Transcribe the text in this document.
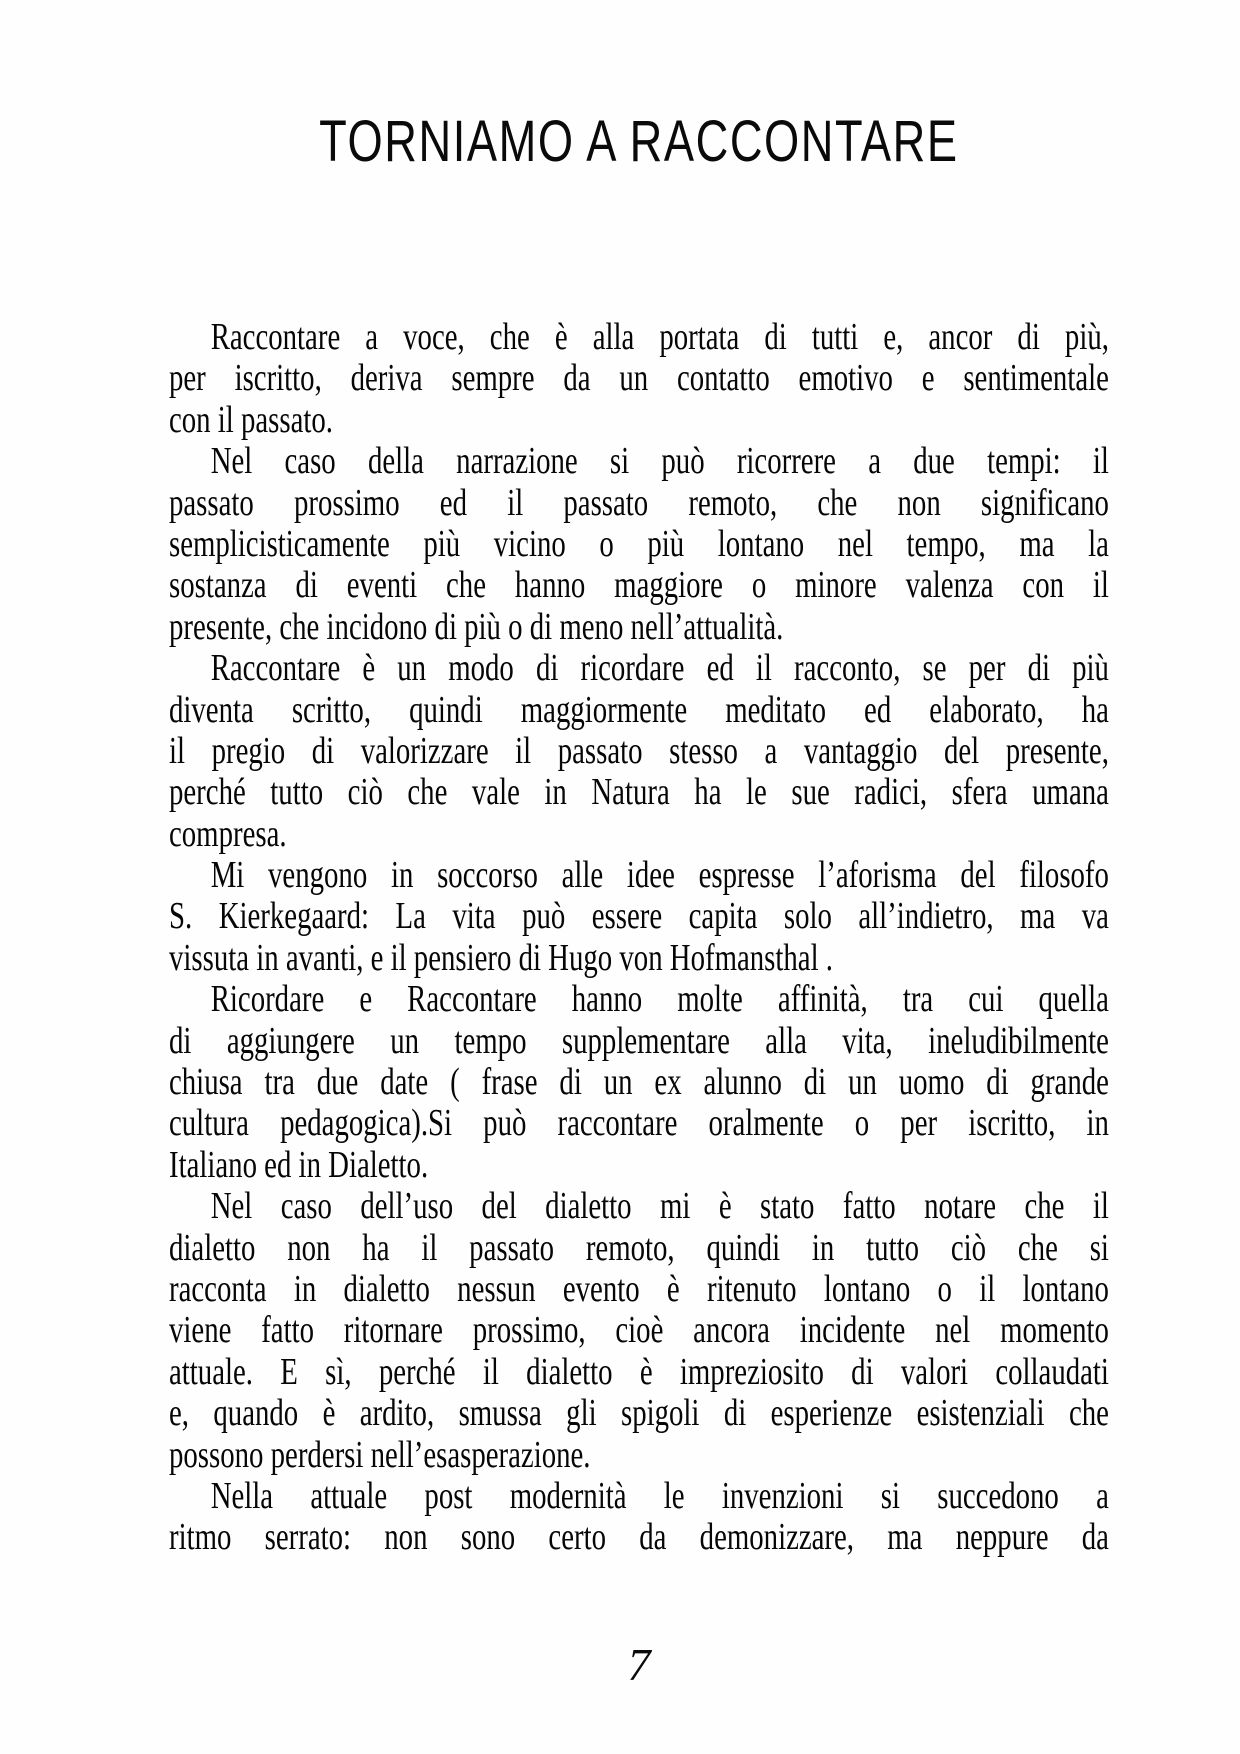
TORNIAMO A RACCONTARE
Raccontare a voce, che è alla portata di tutti e, ancor di più,
per iscritto, deriva sempre da un contatto emotivo e sentimentale
con il passato.
Nel caso della narrazione si può ricorrere a due tempi: il
passato prossimo ed il passato remoto, che non significano
semplicisticamente più vicino o più lontano nel tempo, ma la
sostanza di eventi che hanno maggiore o minore valenza con il
presente, che incidono di più o di meno nell’attualità.
Raccontare è un modo di ricordare ed il racconto, se per di più
diventa scritto, quindi maggiormente meditato ed elaborato, ha
il pregio di valorizzare il passato stesso a vantaggio del presente,
perché tutto ciò che vale in Natura ha le sue radici, sfera umana
compresa.
Mi vengono in soccorso alle idee espresse l’aforisma del filosofo
S. Kierkegaard: La vita può essere capita solo all’indietro, ma va
vissuta in avanti, e il pensiero di Hugo von Hofmansthal .
Ricordare e Raccontare hanno molte affinità, tra cui quella
di aggiungere un tempo supplementare alla vita, ineludibilmente
chiusa tra due date ( frase di un ex alunno di un uomo di grande
cultura pedagogica).Si può raccontare oralmente o per iscritto, in
Italiano ed in Dialetto.
Nel caso dell’uso del dialetto mi è stato fatto notare che il
dialetto non ha il passato remoto, quindi in tutto ciò che si
racconta in dialetto nessun evento è ritenuto lontano o il lontano
viene fatto ritornare prossimo, cioè ancora incidente nel momento
attuale. E sì, perché il dialetto è impreziosito di valori collaudati
e, quando è ardito, smussa gli spigoli di esperienze esistenziali che
possono perdersi nell’esasperazione.
Nella attuale post modernità le invenzioni si succedono a
ritmo serrato: non sono certo da demonizzare, ma neppure da
7
